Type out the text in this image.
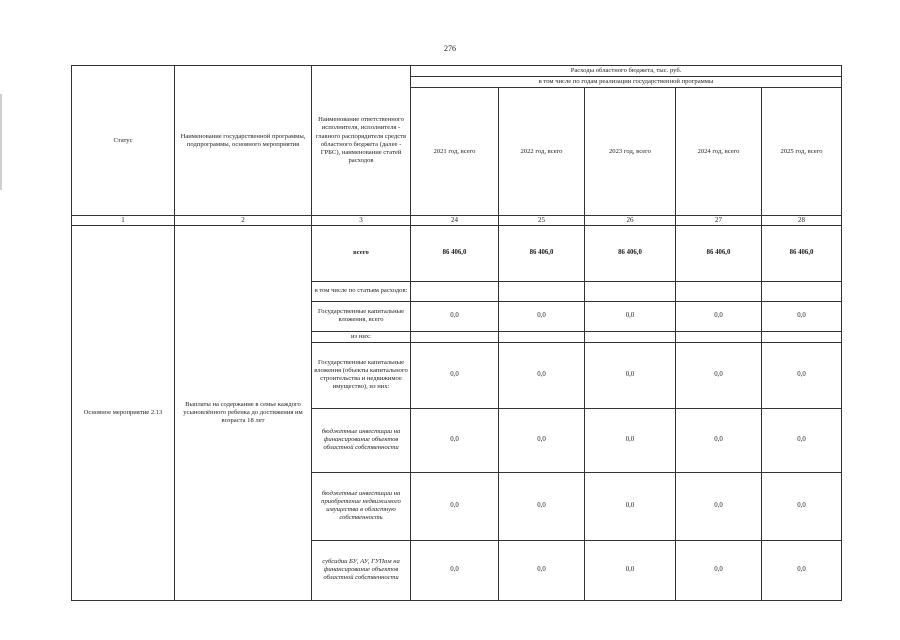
276
Статус	Наименование государственной программы, подпрограммы, основного мероприятия	Наименование ответственного исполнителя, исполнителя - главного распорядителя средств областного бюджета (далее - ГРБС), наименование статей расходов	Расходы областного бюджета, тыс. руб.				
			в том числе по годам реализации государственной программы				
			2021 год, всего	2022 год, всего	2023 год, всего	2024 год, всего	2025 год, всего
1	2	3	24	25	26	27	28
Основное мероприятие 2.13	Выплаты на содержание в семье каждого усыновлённого ребенка до достижения им возраста 18 лет	всего	86 406,0	86 406,0	86 406,0	86 406,0	86 406,0
		в том числе по статьям расходов:					
		Государственные капитальные вложения, всего	0,0	0,0	0,0	0,0	0,0
		из них:					
		Государственные капитальные вложения (объекты капитального строительства и недвижимое имущество), из них:	0,0	0,0	0,0	0,0	0,0
		бюджетные инвестиции на финансирование объектов областной собственности	0,0	0,0	0,0	0,0	0,0
		бюджетные инвестиции на приобретение недвижимого имущества в областную собственность	0,0	0,0	0,0	0,0	0,0
		субсидии БУ, АУ, ГУПам на финансирование объектов областной собственности	0,0	0,0	0,0	0,0	0,0
